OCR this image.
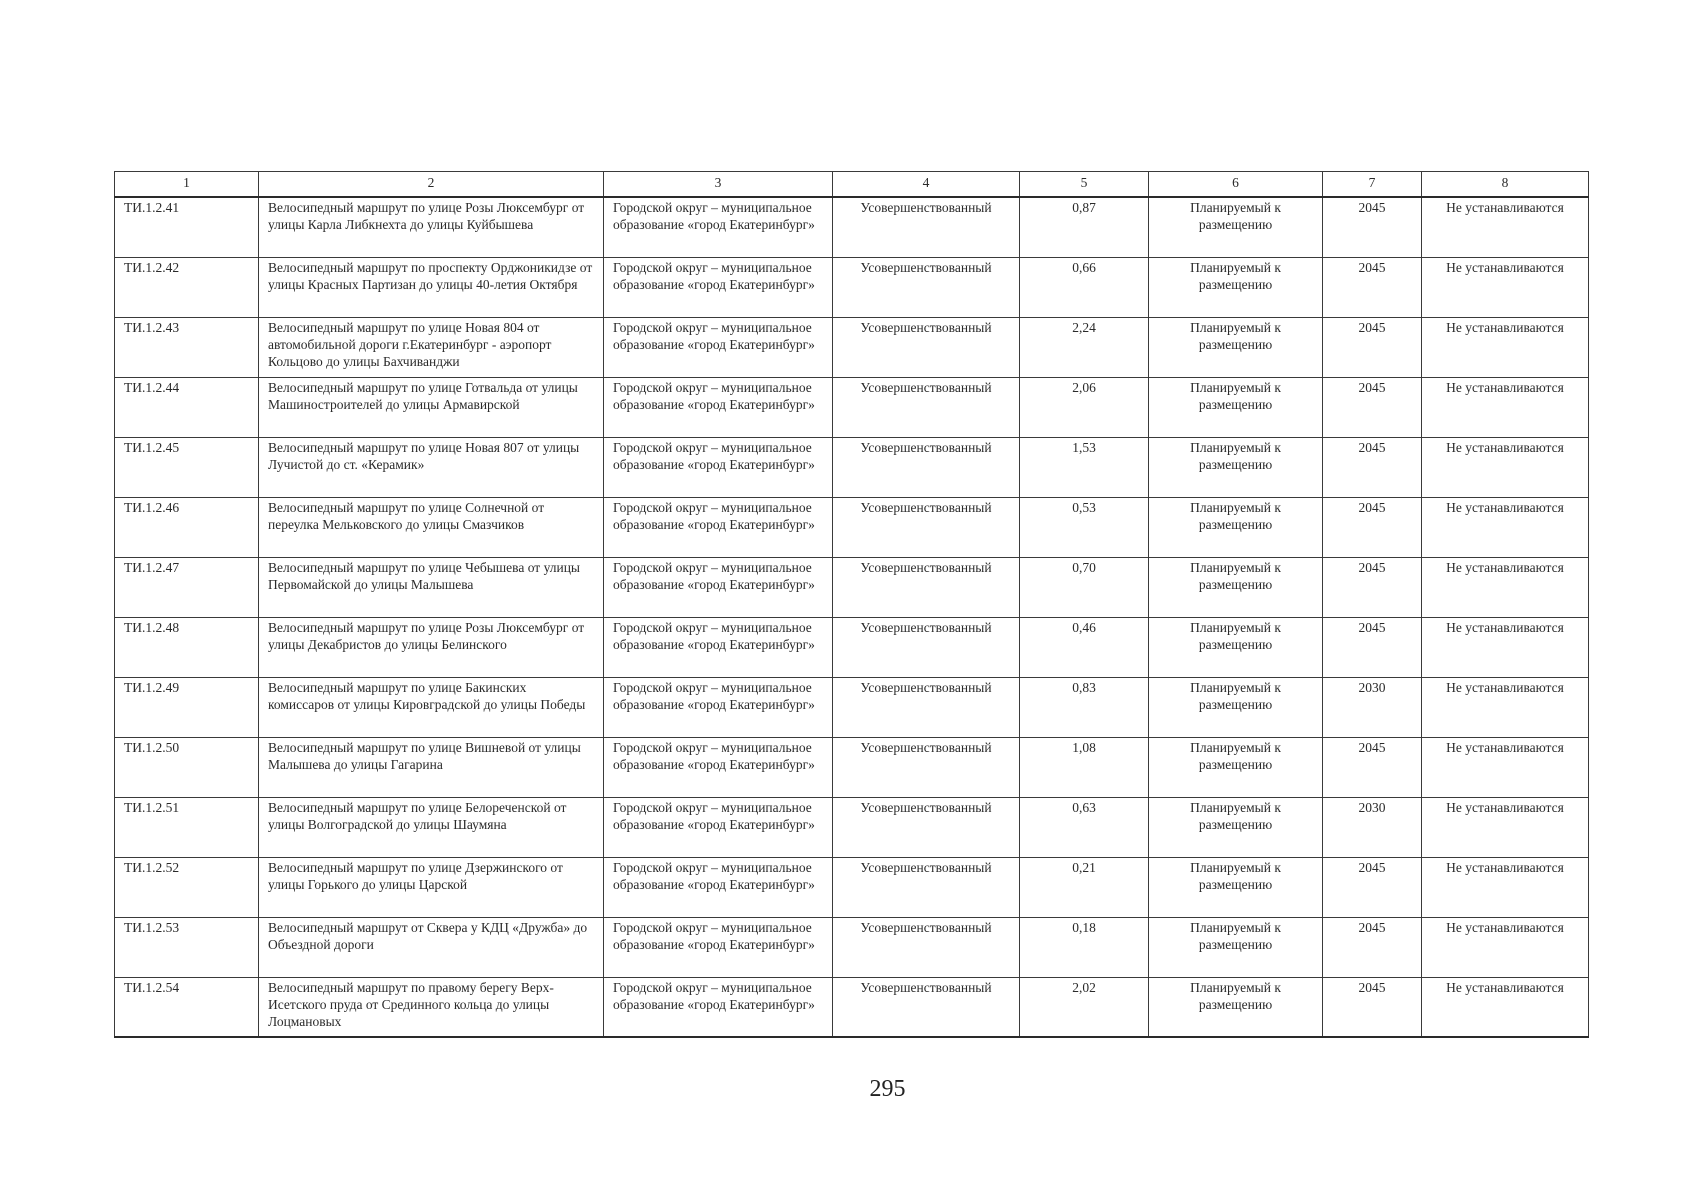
1	2	3	4	5	6	7	8
ТИ.1.2.41	Велосипедный маршрут по улице Розы Люксембург от улицы Карла Либкнехта до улицы Куйбышева	Городской округ – муниципальное образование «город Екатеринбург»	Усовершенствованный	0,87	Планируемый к размещению	2045	Не устанавливаются
ТИ.1.2.42	Велосипедный маршрут по проспекту Орджоникидзе от улицы Красных Партизан до улицы 40-летия Октября	Городской округ – муниципальное образование «город Екатеринбург»	Усовершенствованный	0,66	Планируемый к размещению	2045	Не устанавливаются
ТИ.1.2.43	Велосипедный маршрут по улице Новая 804 от автомобильной дороги г.Екатеринбург - аэропорт Кольцово до улицы Бахчиванджи	Городской округ – муниципальное образование «город Екатеринбург»	Усовершенствованный	2,24	Планируемый к размещению	2045	Не устанавливаются
ТИ.1.2.44	Велосипедный маршрут по улице Готвальда от улицы Машиностроителей до улицы Армавирской	Городской округ – муниципальное образование «город Екатеринбург»	Усовершенствованный	2,06	Планируемый к размещению	2045	Не устанавливаются
ТИ.1.2.45	Велосипедный маршрут по улице Новая 807 от улицы Лучистой до ст. «Керамик»	Городской округ – муниципальное образование «город Екатеринбург»	Усовершенствованный	1,53	Планируемый к размещению	2045	Не устанавливаются
ТИ.1.2.46	Велосипедный маршрут по улице Солнечной от переулка Мельковского до улицы Смазчиков	Городской округ – муниципальное образование «город Екатеринбург»	Усовершенствованный	0,53	Планируемый к размещению	2045	Не устанавливаются
ТИ.1.2.47	Велосипедный маршрут по улице Чебышева от улицы Первомайской до улицы Малышева	Городской округ – муниципальное образование «город Екатеринбург»	Усовершенствованный	0,70	Планируемый к размещению	2045	Не устанавливаются
ТИ.1.2.48	Велосипедный маршрут по улице Розы Люксембург от улицы Декабристов до улицы Белинского	Городской округ – муниципальное образование «город Екатеринбург»	Усовершенствованный	0,46	Планируемый к размещению	2045	Не устанавливаются
ТИ.1.2.49	Велосипедный маршрут по улице Бакинских комиссаров от улицы Кировградской до улицы Победы	Городской округ – муниципальное образование «город Екатеринбург»	Усовершенствованный	0,83	Планируемый к размещению	2030	Не устанавливаются
ТИ.1.2.50	Велосипедный маршрут по улице Вишневой от улицы Малышева до улицы Гагарина	Городской округ – муниципальное образование «город Екатеринбург»	Усовершенствованный	1,08	Планируемый к размещению	2045	Не устанавливаются
ТИ.1.2.51	Велосипедный маршрут по улице Белореченской от улицы Волгоградской до улицы Шаумяна	Городской округ – муниципальное образование «город Екатеринбург»	Усовершенствованный	0,63	Планируемый к размещению	2030	Не устанавливаются
ТИ.1.2.52	Велосипедный маршрут по улице Дзержинского от улицы Горького до улицы Царской	Городской округ – муниципальное образование «город Екатеринбург»	Усовершенствованный	0,21	Планируемый к размещению	2045	Не устанавливаются
ТИ.1.2.53	Велосипедный маршрут от Сквера у КДЦ «Дружба» до Объездной дороги	Городской округ – муниципальное образование «город Екатеринбург»	Усовершенствованный	0,18	Планируемый к размещению	2045	Не устанавливаются
ТИ.1.2.54	Велосипедный маршрут по правому берегу Верх-Исетского пруда от Срединного кольца до улицы Лоцмановых	Городской округ – муниципальное образование «город Екатеринбург»	Усовершенствованный	2,02	Планируемый к размещению	2045	Не устанавливаются
295
